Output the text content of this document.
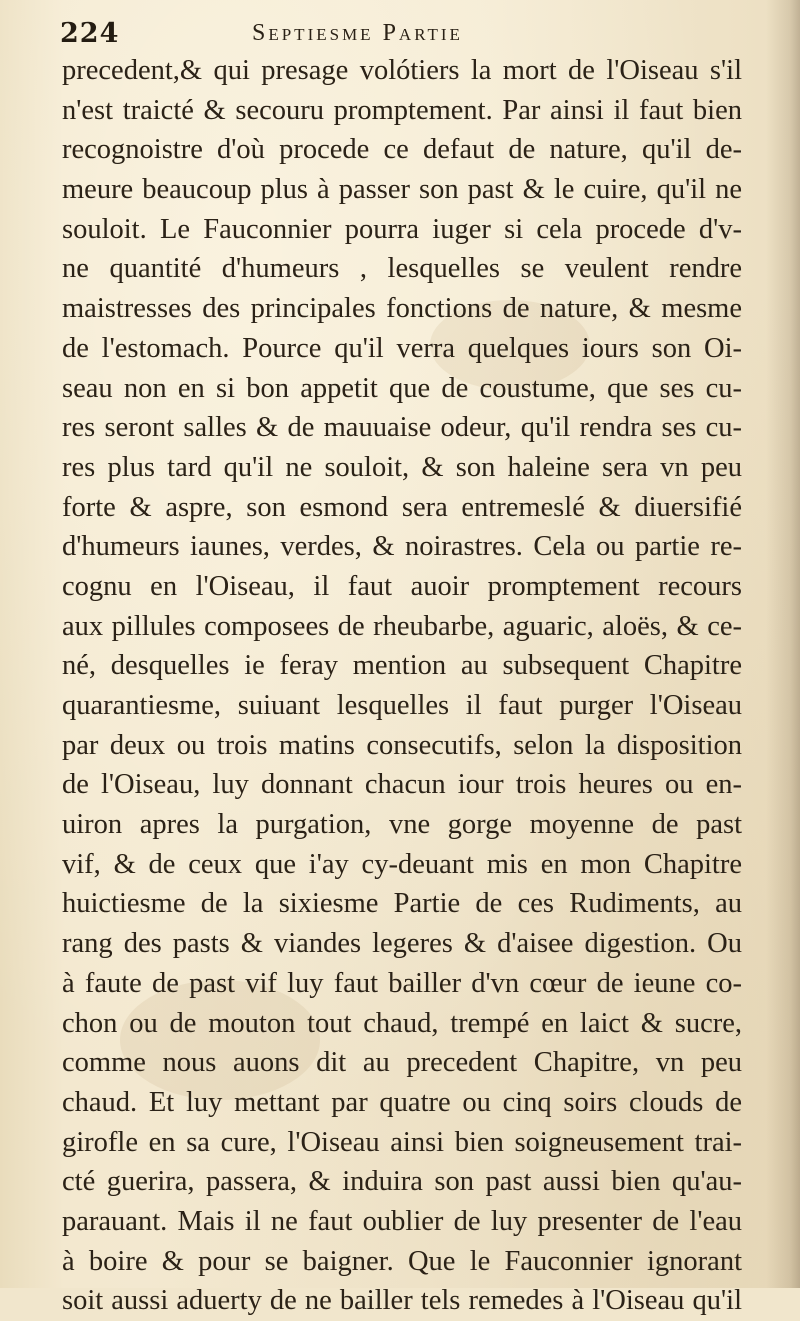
224	Septiesme Partie
precedent,& qui presage volótiers la mort de l'Oiseau s'il
n'est traicté & secouru promptement. Par ainsi il faut bien
recognoistre d'où procede ce defaut de nature, qu'il de-
meure beaucoup plus à passer son past & le cuire, qu'il ne
souloit. Le Fauconnier pourra iuger si cela procede d'v-
ne quantité d'humeurs , lesquelles se veulent rendre
maistresses des principales fonctions de nature, & mesme
de l'estomach. Pource qu'il verra quelques iours son Oi-
seau non en si bon appetit que de coustume, que ses cu-
res seront salles & de mauuaise odeur, qu'il rendra ses cu-
res plus tard qu'il ne souloit, & son haleine sera vn peu
forte & aspre, son esmond sera entremeslé & diuersifié
d'humeurs iaunes, verdes, & noirastres. Cela ou partie re-
cognu en l'Oiseau, il faut auoir promptement recours
aux pillules composees de rheubarbe, aguaric, aloës, & ce-
né, desquelles ie feray mention au subsequent Chapitre
quarantiesme, suiuant lesquelles il faut purger l'Oiseau
par deux ou trois matins consecutifs, selon la disposition
de l'Oiseau, luy donnant chacun iour trois heures ou en-
uiron apres la purgation, vne gorge moyenne de past
vif, & de ceux que i'ay cy-deuant mis en mon Chapitre
huictiesme de la sixiesme Partie de ces Rudiments, au
rang des pasts & viandes legeres & d'aisee digestion. Ou
à faute de past vif luy faut bailler d'vn cœur de ieune co-
chon ou de mouton tout chaud, trempé en laict & sucre,
comme nous auons dit au precedent Chapitre, vn peu
chaud. Et luy mettant par quatre ou cinq soirs clouds de
girofle en sa cure, l'Oiseau ainsi bien soigneusement trai-
cté guerira, passera, & induira son past aussi bien qu'au-
parauant. Mais il ne faut oublier de luy presenter de l'eau
à boire & pour se baigner. Que le Fauconnier ignorant
soit aussi aduerty de ne bailler tels remedes à l'Oiseau qu'il
